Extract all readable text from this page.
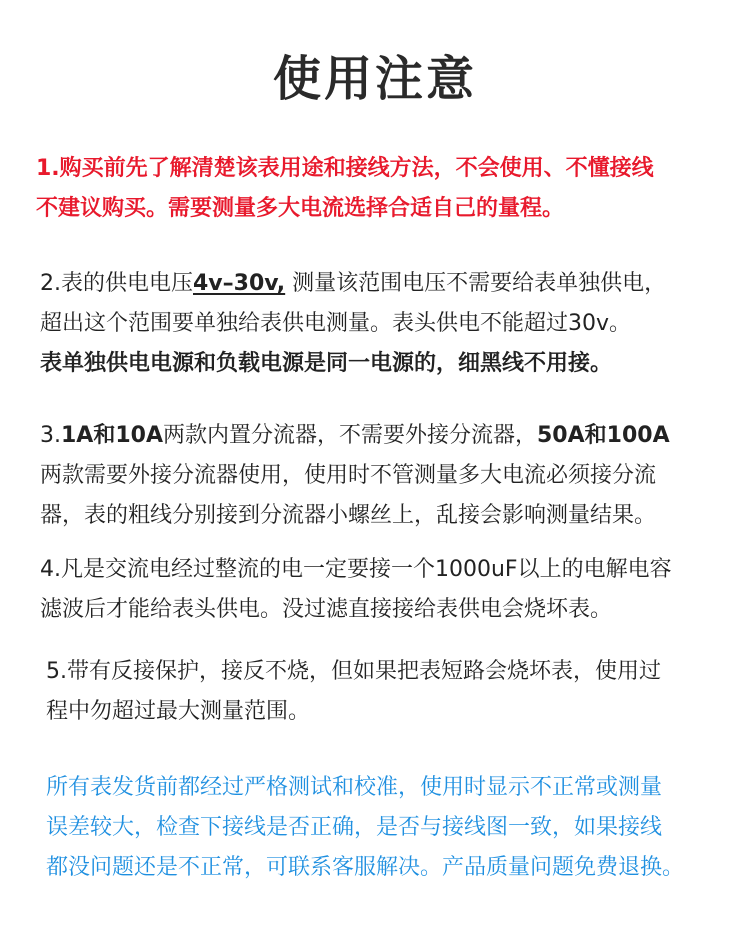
使用注意
1.购买前先了解清楚该表用途和接线方法，不会使用、不懂接线
不建议购买。需要测量多大电流选择合适自己的量程。
2.表的供电电压4v–30v, 测量该范围电压不需要给表单独供电，
超出这个范围要单独给表供电测量。表头供电不能超过30v。
表单独供电电源和负载电源是同一电源的，细黑线不用接。
3.1A和10A两款内置分流器，不需要外接分流器，50A和100A
两款需要外接分流器使用，使用时不管测量多大电流必须接分流
器，表的粗线分别接到分流器小螺丝上，乱接会影响测量结果。
4.凡是交流电经过整流的电一定要接一个1000uF以上的电解电容
滤波后才能给表头供电。没过滤直接接给表供电会烧坏表。
5.带有反接保护，接反不烧，但如果把表短路会烧坏表，使用过
程中勿超过最大测量范围。
所有表发货前都经过严格测试和校准，使用时显示不正常或测量
误差较大，检查下接线是否正确，是否与接线图一致，如果接线
都没问题还是不正常，可联系客服解决。产品质量问题免费退换。
